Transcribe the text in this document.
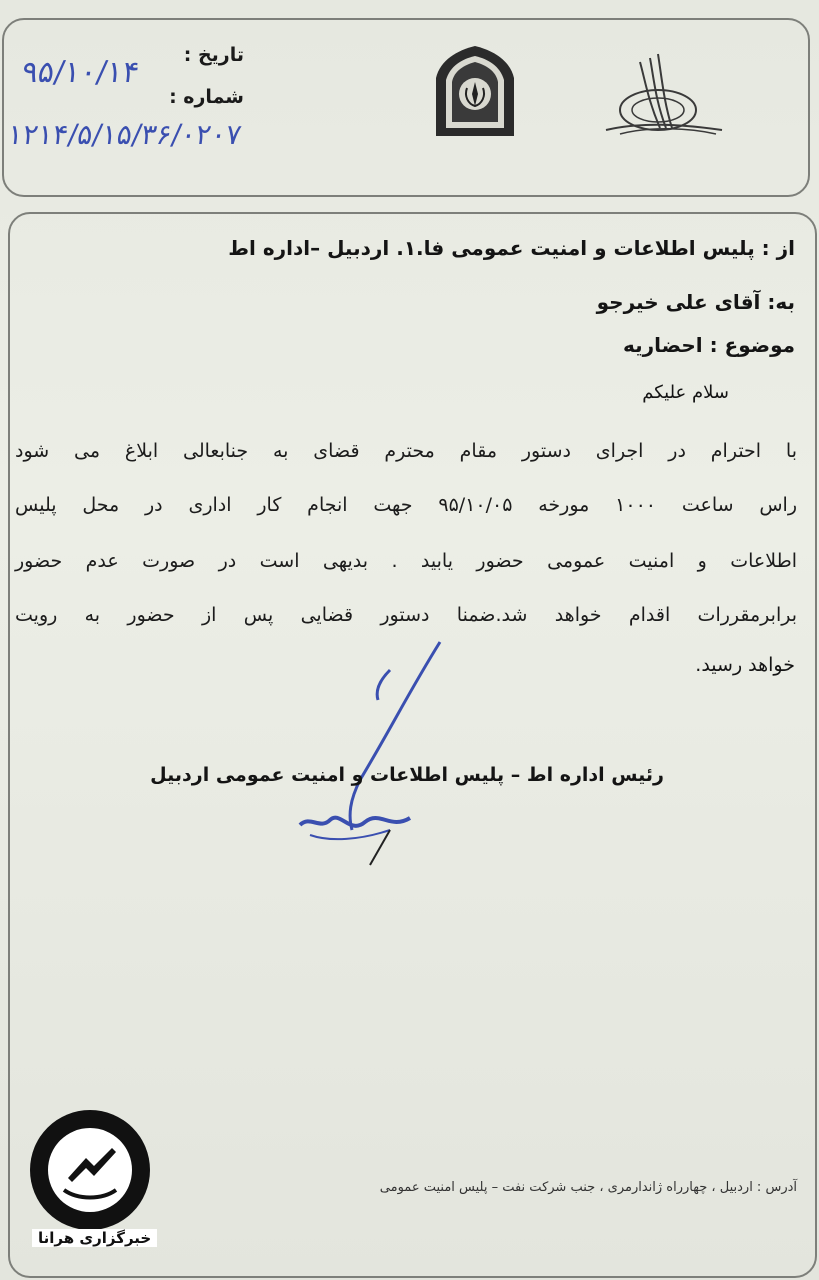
تاریخ :
شماره :
۹۵/۱۰/۱۴
۱۲۱۴/۵/۱۵/۳۶/۰۲۰۷
از : پلیس اطلاعات و امنیت عمومی فا.۱. اردبیل –اداره اط
به: آقای علی خیرجو
موضوع : احضاریه
سلام علیکم
با احترام در اجرای دستور مقام محترم قضای به جنابعالی ابلاغ می شود
راس ساعت ۱۰۰۰ مورخه ۹۵/۱۰/۰۵ جهت انجام کار اداری در محل پلیس
اطلاعات و امنیت عمومی حضور یابید . بدیهی است در صورت عدم حضور
برابرمقررات اقدام خواهد شد.ضمنا دستور قضایی پس از حضور به رویت
خواهد رسید.
رئیس اداره اط – پلیس اطلاعات و امنیت عمومی اردبیل
آدرس : اردبیل ، چهارراه ژاندارمری ، جنب شرکت نفت – پلیس امنیت عمومی
خبرگزاری هرانا
